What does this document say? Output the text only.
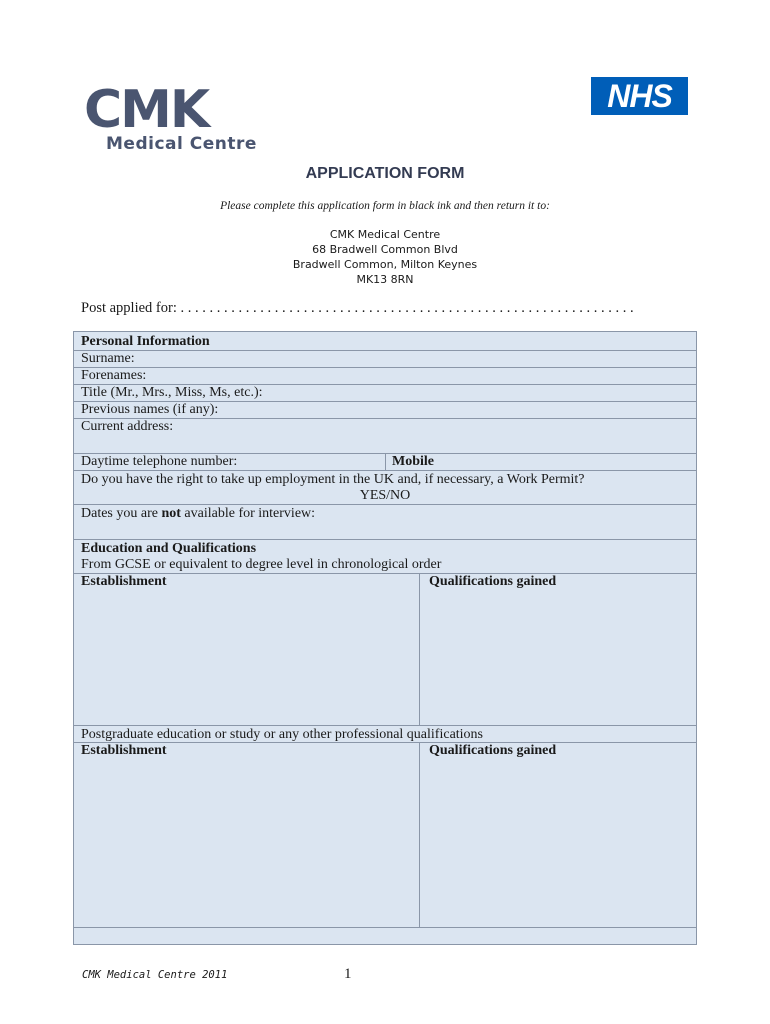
CMK
Medical Centre
NHS
APPLICATION FORM
Please complete this application form in black ink and then return it to:
CMK Medical Centre
68 Bradwell Common Blvd
Bradwell Common, Milton Keynes
MK13 8RN
Post applied for: . . . . . . . . . . . . . . . . . . . . . . . . . . . . . . . . . . . . . . . . . . . . . . . . . . . . . . . . . . . . . . .
Personal Information
Surname:
Forenames:
Title (Mr., Mrs., Miss, Ms, etc.):
Previous names (if any):
Current address:
Daytime telephone number:	Mobile
Do you have the right to take up employment in the UK and, if necessary, a Work Permit?
YES/NO
Dates you are not available for interview:
Education and Qualifications
From GCSE or equivalent to degree level in chronological order
Establishment	Qualifications gained
Postgraduate education or study or any other professional qualifications
Establishment	Qualifications gained
CMK Medical Centre 2011	1
